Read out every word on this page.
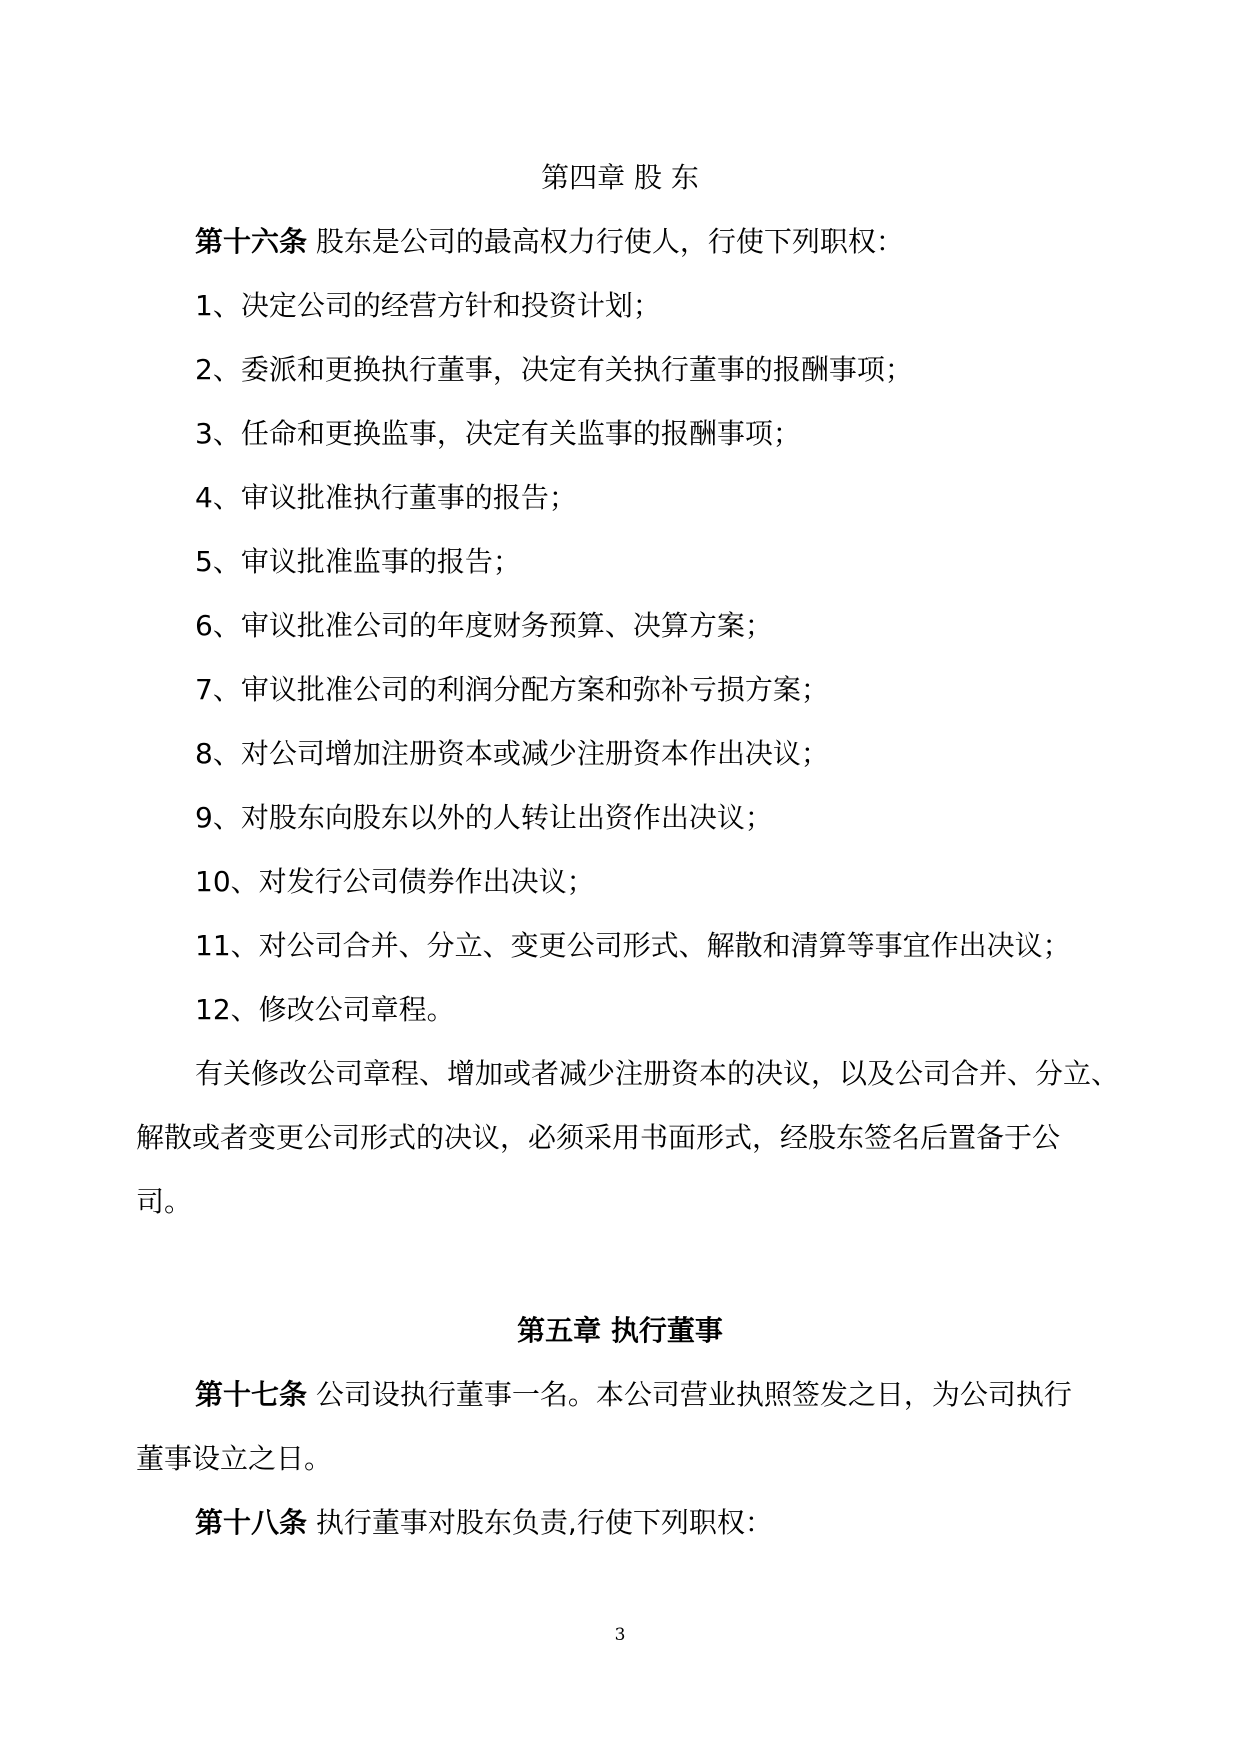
第四章 股 东
第十六条 股东是公司的最高权力行使人，行使下列职权：
1、决定公司的经营方针和投资计划；
2、委派和更换执行董事，决定有关执行董事的报酬事项；
3、任命和更换监事，决定有关监事的报酬事项；
4、审议批准执行董事的报告；
5、审议批准监事的报告；
6、审议批准公司的年度财务预算、决算方案；
7、审议批准公司的利润分配方案和弥补亏损方案；
8、对公司增加注册资本或减少注册资本作出决议；
9、对股东向股东以外的人转让出资作出决议；
10、对发行公司债券作出决议；
11、对公司合并、分立、变更公司形式、解散和清算等事宜作出决议；
12、修改公司章程。
有关修改公司章程、增加或者减少注册资本的决议，以及公司合并、分立、
解散或者变更公司形式的决议，必须采用书面形式，经股东签名后置备于公
司。
第五章 执行董事
第十七条 公司设执行董事一名。本公司营业执照签发之日，为公司执行
董事设立之日。
第十八条 执行董事对股东负责,行使下列职权：
3
